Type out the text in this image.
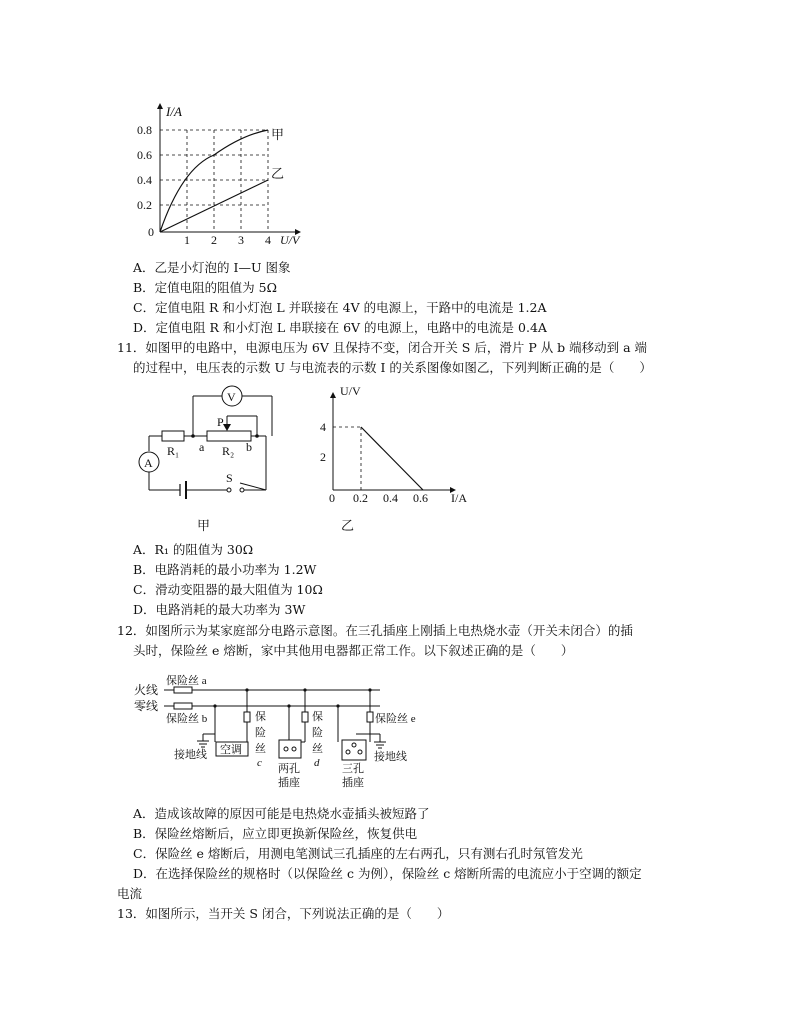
I/A
0.8
0.6
0.4
0.2
0
1 2 3 4 U/V
甲
乙
A．乙是小灯泡的 I—U 图象
B．定值电阻的阻值为 5Ω
C．定值电阻 R 和小灯泡 L 并联接在 4V 的电源上，干路中的电流是 1.2A
D．定值电阻 R 和小灯泡 L 串联接在 6V 的电源上，电路中的电流是 0.4A
11．如图甲的电路中，电源电压为 6V 且保持不变，闭合开关 S 后，滑片 P 从 b 端移动到 a 端
的过程中，电压表的示数 U 与电流表的示数 I 的关系图像如图乙，下列判断正确的是（　　）
V
A
P
R₁ a R₂ b
S
甲
U/V
4
2
0 0.2 0.4 0.6 I/A
乙
A．R₁ 的阻值为 30Ω
B．电路消耗的最小功率为 1.2W
C．滑动变阻器的最大阻值为 10Ω
D．电路消耗的最大功率为 3W
12．如图所示为某家庭部分电路示意图。在三孔插座上刚插上电热烧水壶（开关未闭合）的插
头时，保险丝 e 熔断，家中其他用电器都正常工作。以下叙述正确的是（　　）
火线
零线
保险丝 a
保险丝 b	保险丝 e
空调
接地线	接地线
保
险
丝
c
保
险
丝
d
两孔
插座
三孔
插座
A．造成该故障的原因可能是电热烧水壶插头被短路了
B．保险丝熔断后，应立即更换新保险丝，恢复供电
C．保险丝 e 熔断后，用测电笔测试三孔插座的左右两孔，只有测右孔时氖管发光
D．在选择保险丝的规格时（以保险丝 c 为例），保险丝 c 熔断所需的电流应小于空调的额定
电流
13．如图所示，当开关 S 闭合，下列说法正确的是（　　）
